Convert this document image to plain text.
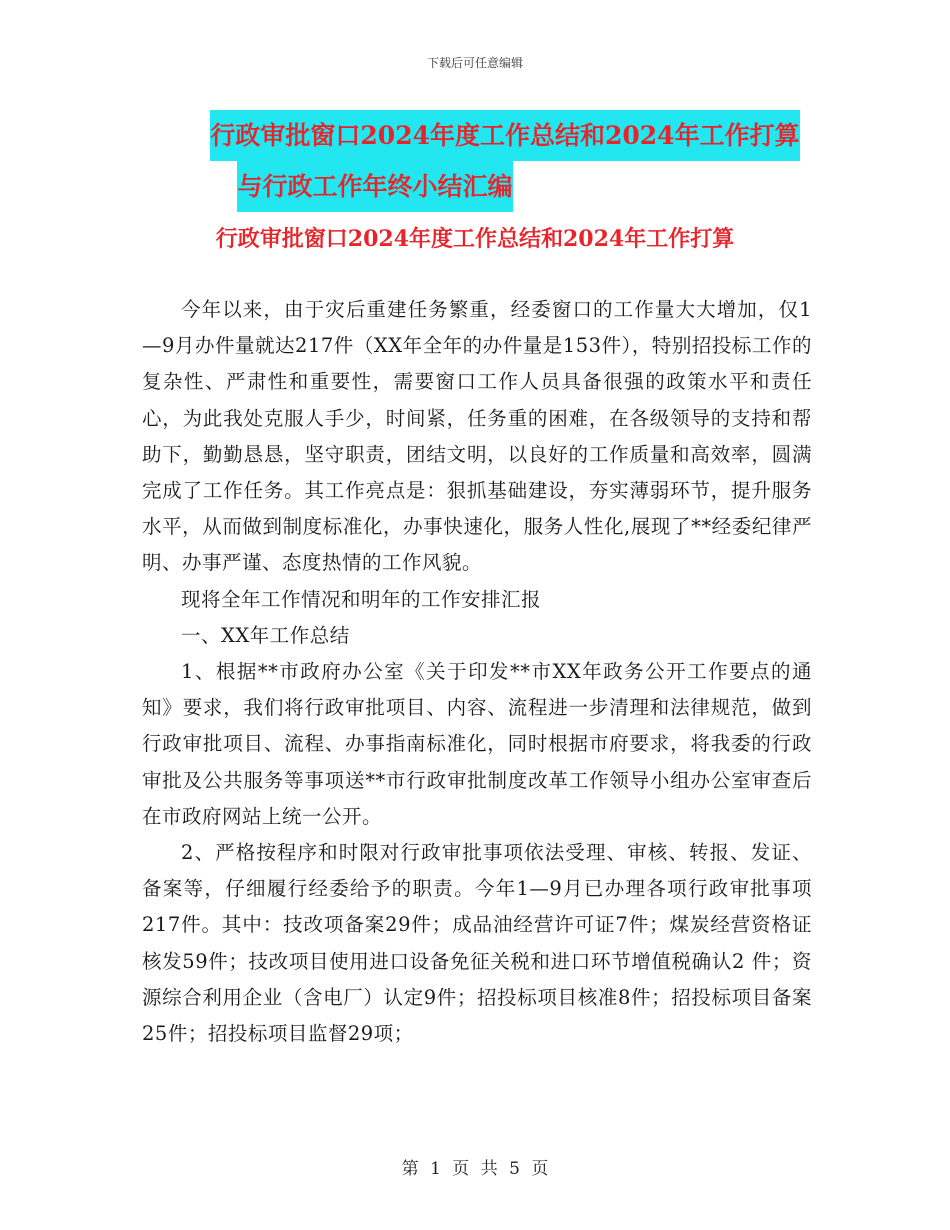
下载后可任意编辑
行政审批窗口2024年度工作总结和2024年工作打算
与行政工作年终小结汇编
行政审批窗口2024年度工作总结和2024年工作打算

今年以来，由于灾后重建任务繁重，经委窗口的工作量大大增加，仅1—9月办件量就达217件（XX年全年的办件量是153件），特别招投标工作的复杂性、严肃性和重要性，需要窗口工作人员具备很强的政策水平和责任心，为此我处克服人手少，时间紧，任务重的困难，在各级领导的支持和帮助下，勤勤恳恳，坚守职责，团结文明，以良好的工作质量和高效率，圆满完成了工作任务。其工作亮点是：狠抓基础建设，夯实薄弱环节，提升服务水平，从而做到制度标准化，办事快速化，服务人性化,展现了**经委纪律严明、办事严谨、态度热情的工作风貌。

现将全年工作情况和明年的工作安排汇报

一、XX年工作总结

1、根据**市政府办公室《关于印发**市XX年政务公开工作要点的通知》要求，我们将行政审批项目、内容、流程进一步清理和法律规范，做到行政审批项目、流程、办事指南标准化，同时根据市府要求，将我委的行政审批及公共服务等事项送**市行政审批制度改革工作领导小组办公室审查后在市政府网站上统一公开。

2、严格按程序和时限对行政审批事项依法受理、审核、转报、发证、备案等，仔细履行经委给予的职责。今年1—9月已办理各项行政审批事项217件。其中：技改项备案29件；成品油经营许可证7件；煤炭经营资格证核发59件；技改项目使用进口设备免征关税和进口环节增值税确认2 件；资源综合利用企业（含电厂）认定9件；招投标项目核准8件；招投标项目备案25件；招投标项目监督29项；

第 1 页 共 5 页
